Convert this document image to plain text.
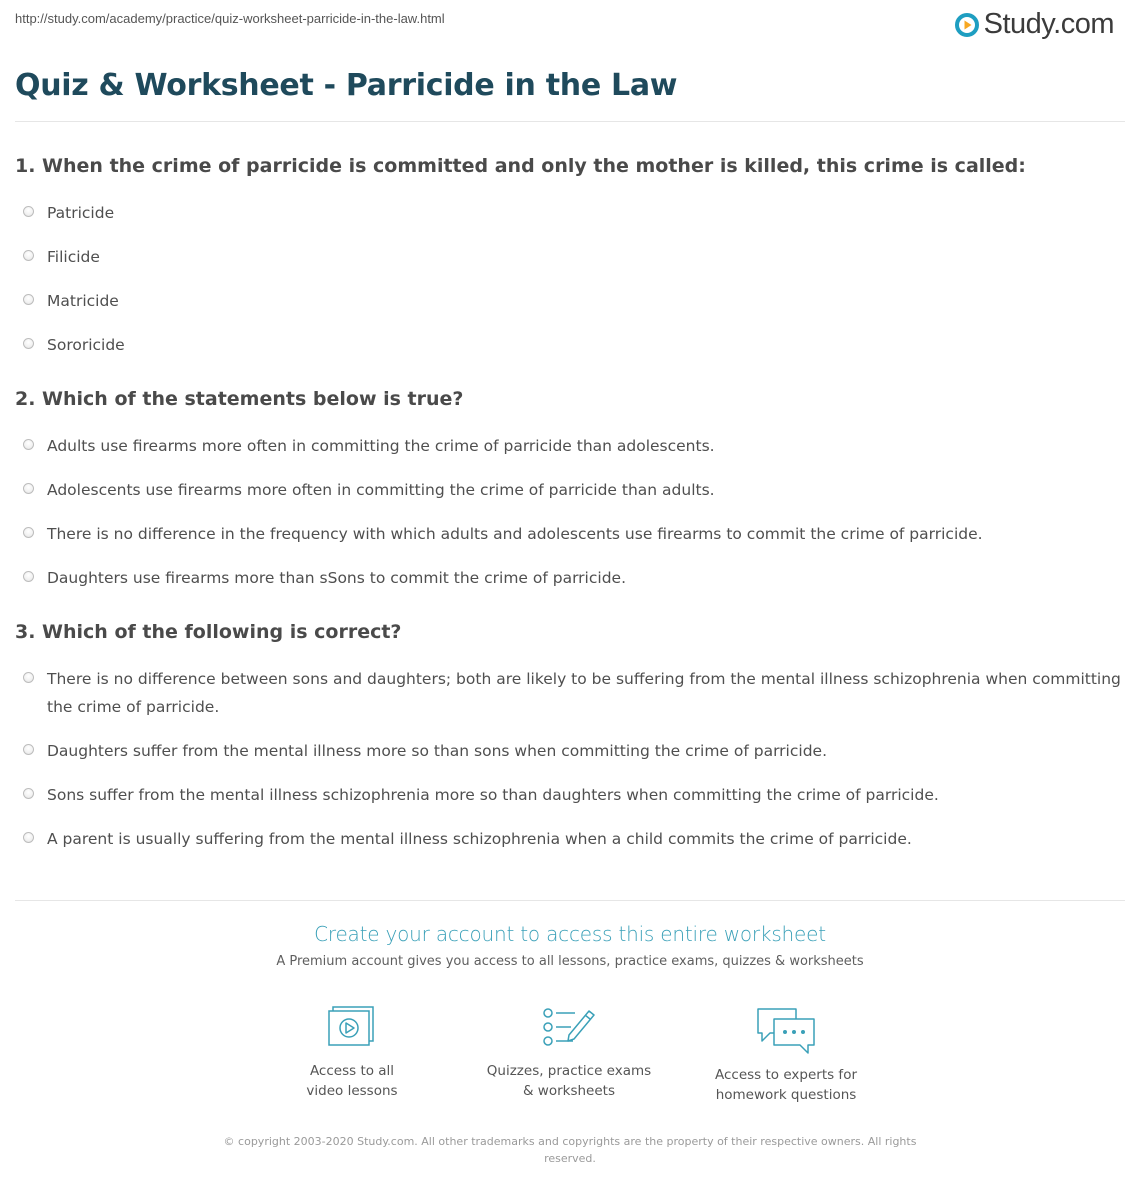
http://study.com/academy/practice/quiz-worksheet-parricide-in-the-law.html	Study.com
Quiz & Worksheet - Parricide in the Law
1. When the crime of parricide is committed and only the mother is killed, this crime is called:
Patricide
Filicide
Matricide
Sororicide
2. Which of the statements below is true?
Adults use firearms more often in committing the crime of parricide than adolescents.
Adolescents use firearms more often in committing the crime of parricide than adults.
There is no difference in the frequency with which adults and adolescents use firearms to commit the crime of parricide.
Daughters use firearms more than sSons to commit the crime of parricide.
3. Which of the following is correct?
There is no difference between sons and daughters; both are likely to be suffering from the mental illness schizophrenia when committing the crime of parricide.
Daughters suffer from the mental illness more so than sons when committing the crime of parricide.
Sons suffer from the mental illness schizophrenia more so than daughters when committing the crime of parricide.
A parent is usually suffering from the mental illness schizophrenia when a child commits the crime of parricide.
Create your account to access this entire worksheet
A Premium account gives you access to all lessons, practice exams, quizzes & worksheets
Access to all
video lessons
Quizzes, practice exams
& worksheets
Access to experts for
homework questions
© copyright 2003-2020 Study.com. All other trademarks and copyrights are the property of their respective owners. All rights reserved.
